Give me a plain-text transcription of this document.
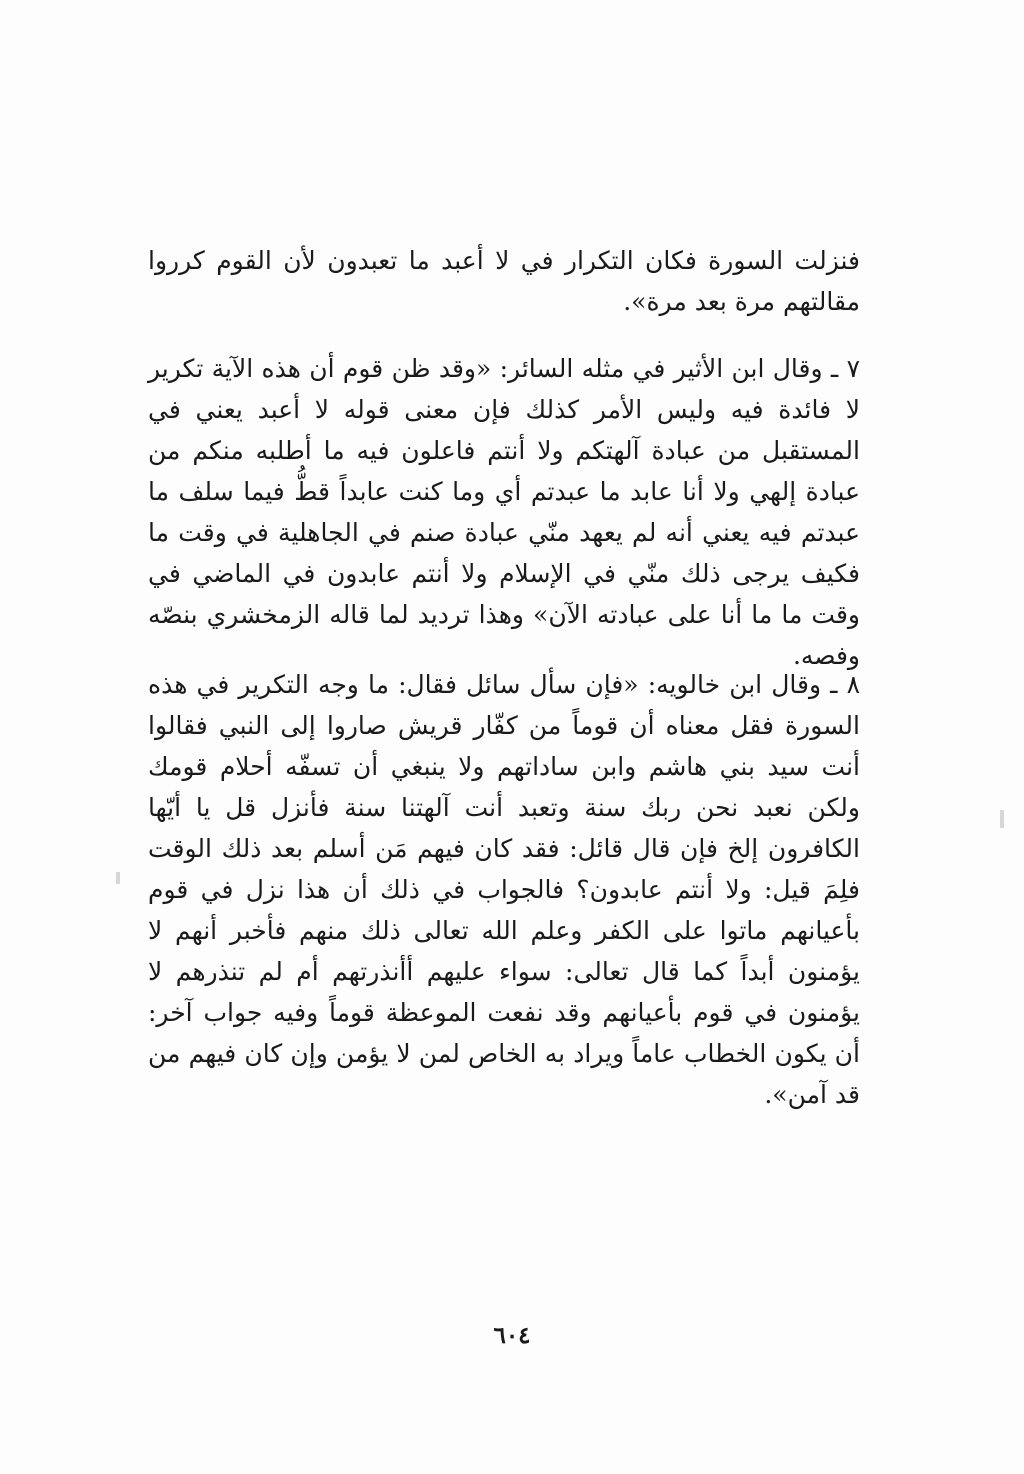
فنزلت السورة فكان التكرار في لا أعبد ما تعبدون لأن القوم كرروا مقالتهم مرة بعد مرة».

٧ ـ وقال ابن الأثير في مثله السائر: «وقد ظن قوم أن هذه الآية تكرير لا فائدة فيه وليس الأمر كذلك فإن معنى قوله لا أعبد يعني في المستقبل من عبادة آلهتكم ولا أنتم فاعلون فيه ما أطلبه منكم من عبادة إلهي ولا أنا عابد ما عبدتم أي وما كنت عابداً قطُّ فيما سلف ما عبدتم فيه يعني أنه لم يعهد منّي عبادة صنم في الجاهلية في وقت ما فكيف يرجى ذلك منّي في الإسلام ولا أنتم عابدون في الماضي في وقت ما ما أنا على عبادته الآن» وهذا ترديد لما قاله الزمخشري بنصّه وفصه.

٨ ـ وقال ابن خالويه: «فإن سأل سائل فقال: ما وجه التكرير في هذه السورة فقل معناه أن قوماً من كفّار قريش صاروا إلى النبي فقالوا أنت سيد بني هاشم وابن ساداتهم ولا ينبغي أن تسفّه أحلام قومك ولكن نعبد نحن ربك سنة وتعبد أنت آلهتنا سنة فأنزل قل يا أيّها الكافرون إلخ فإن قال قائل: فقد كان فيهم مَن أسلم بعد ذلك الوقت فلِمَ قيل: ولا أنتم عابدون؟ فالجواب في ذلك أن هذا نزل في قوم بأعيانهم ماتوا على الكفر وعلم الله تعالى ذلك منهم فأخبر أنهم لا يؤمنون أبداً كما قال تعالى: سواء عليهم أأنذرتهم أم لم تنذرهم لا يؤمنون في قوم بأعيانهم وقد نفعت الموعظة قوماً وفيه جواب آخر: أن يكون الخطاب عاماً ويراد به الخاص لمن لا يؤمن وإن كان فيهم من قد آمن».

٦٠٤
